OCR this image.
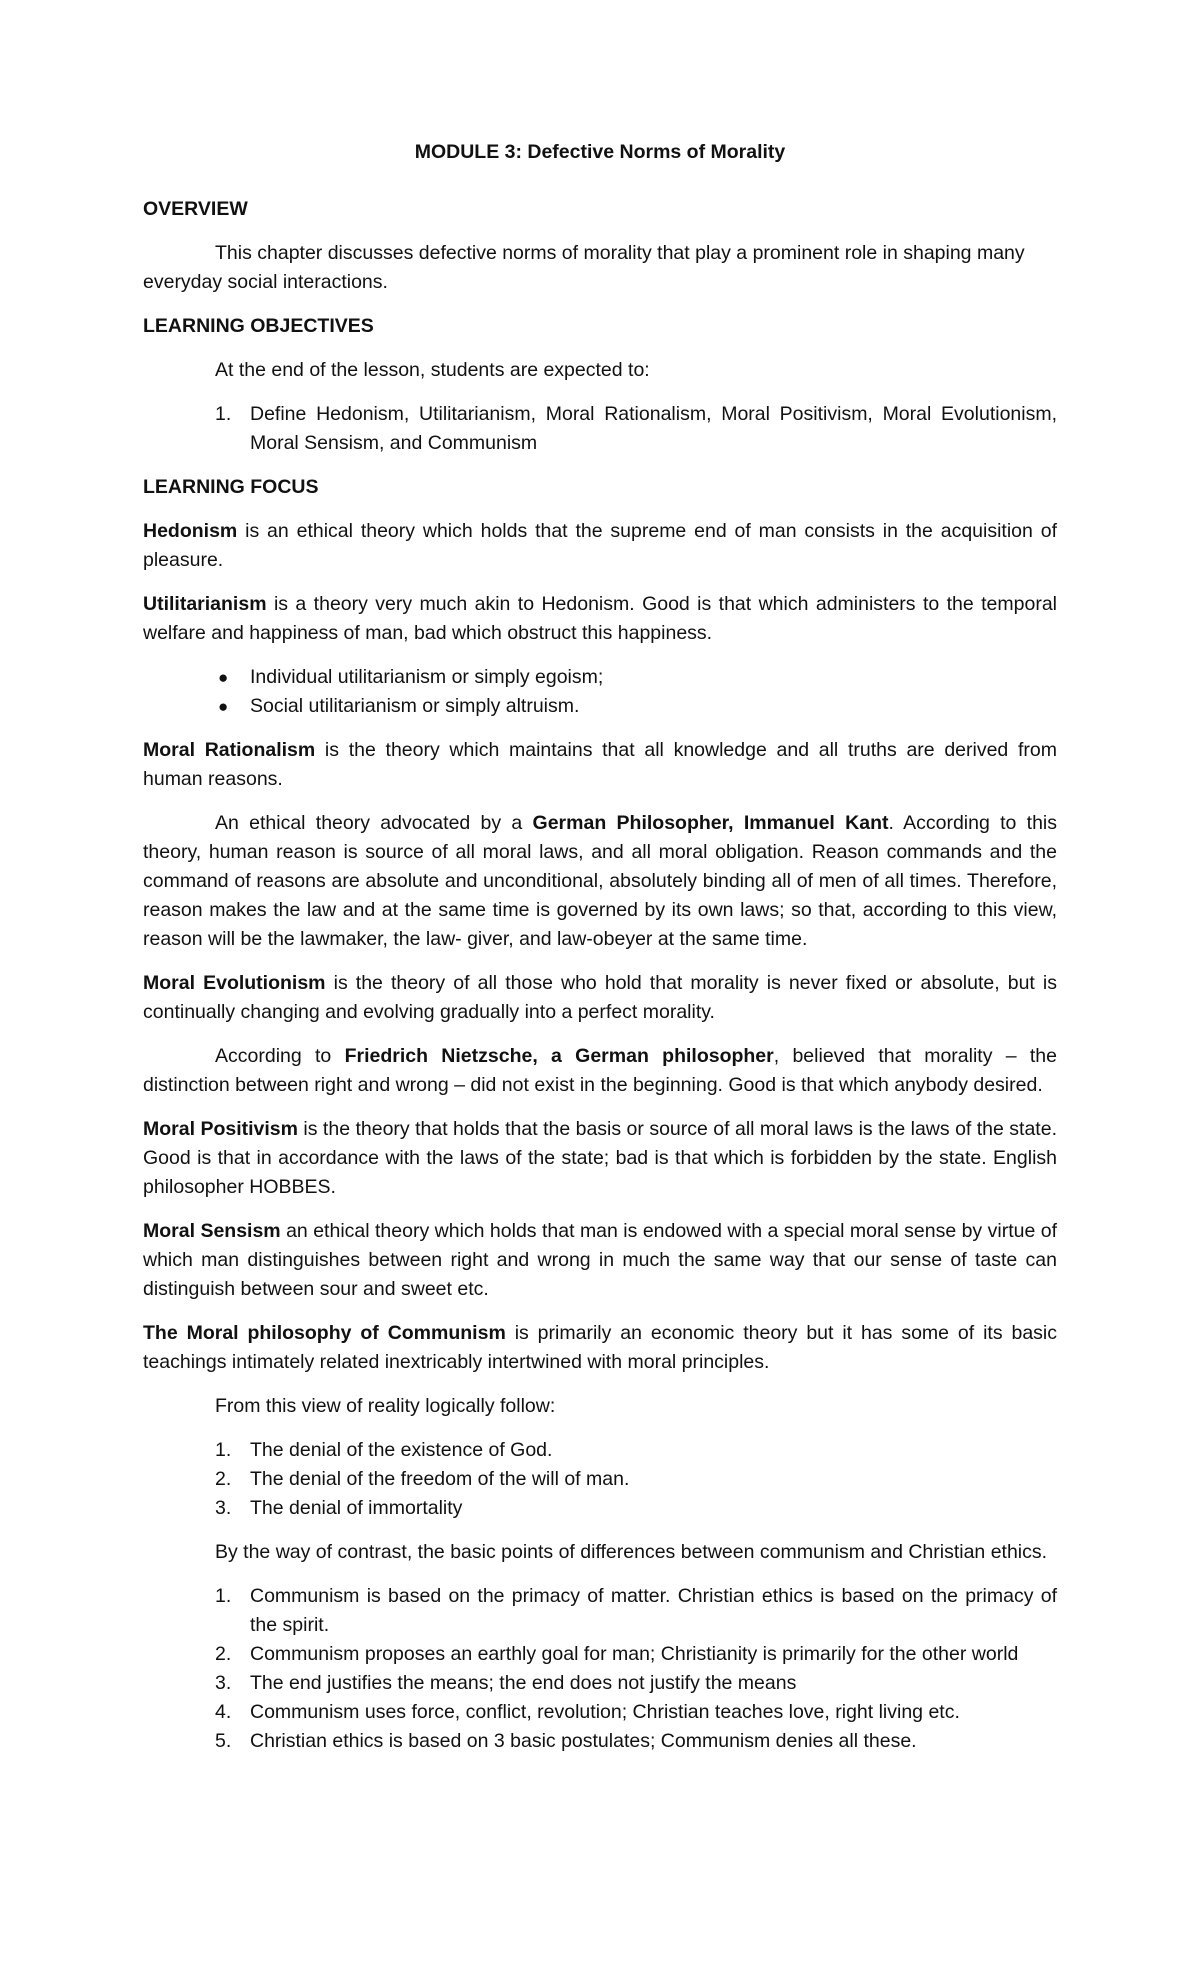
MODULE 3: Defective Norms of Morality
OVERVIEW

This chapter discusses defective norms of morality that play a prominent role in shaping many everyday social interactions.

LEARNING OBJECTIVES

At the end of the lesson, students are expected to:

1. Define Hedonism, Utilitarianism, Moral Rationalism, Moral Positivism, Moral Evolutionism, Moral Sensism, and Communism
LEARNING FOCUS

Hedonism is an ethical theory which holds that the supreme end of man consists in the acquisition of pleasure.

Utilitarianism is a theory very much akin to Hedonism. Good is that which administers to the temporal welfare and happiness of man, bad which obstruct this happiness.

● Individual utilitarianism or simply egoism;
● Social utilitarianism or simply altruism.

Moral Rationalism is the theory which maintains that all knowledge and all truths are derived from human reasons.

An ethical theory advocated by a German Philosopher, Immanuel Kant. According to this theory, human reason is source of all moral laws, and all moral obligation. Reason commands and the command of reasons are absolute and unconditional, absolutely binding all of men of all times. Therefore, reason makes the law and at the same time is governed by its own laws; so that, according to this view, reason will be the lawmaker, the law- giver, and law-obeyer at the same time.

Moral Evolutionism is the theory of all those who hold that morality is never fixed or absolute, but is continually changing and evolving gradually into a perfect morality.

According to Friedrich Nietzsche, a German philosopher, believed that morality – the distinction between right and wrong – did not exist in the beginning. Good is that which anybody desired.

Moral Positivism is the theory that holds that the basis or source of all moral laws is the laws of the state. Good is that in accordance with the laws of the state; bad is that which is forbidden by the state. English philosopher HOBBES.

Moral Sensism an ethical theory which holds that man is endowed with a special moral sense by virtue of which man distinguishes between right and wrong in much the same way that our sense of taste can distinguish between sour and sweet etc.

The Moral philosophy of Communism is primarily an economic theory but it has some of its basic teachings intimately related inextricably intertwined with moral principles.

From this view of reality logically follow:

1. The denial of the existence of God.
2. The denial of the freedom of the will of man.
3. The denial of immortality

By the way of contrast, the basic points of differences between communism and Christian ethics.

1. Communism is based on the primacy of matter. Christian ethics is based on the primacy of the spirit.
2. Communism proposes an earthly goal for man; Christianity is primarily for the other world
3. The end justifies the means; the end does not justify the means
4. Communism uses force, conflict, revolution; Christian teaches love, right living etc.
5. Christian ethics is based on 3 basic postulates; Communism denies all these.
